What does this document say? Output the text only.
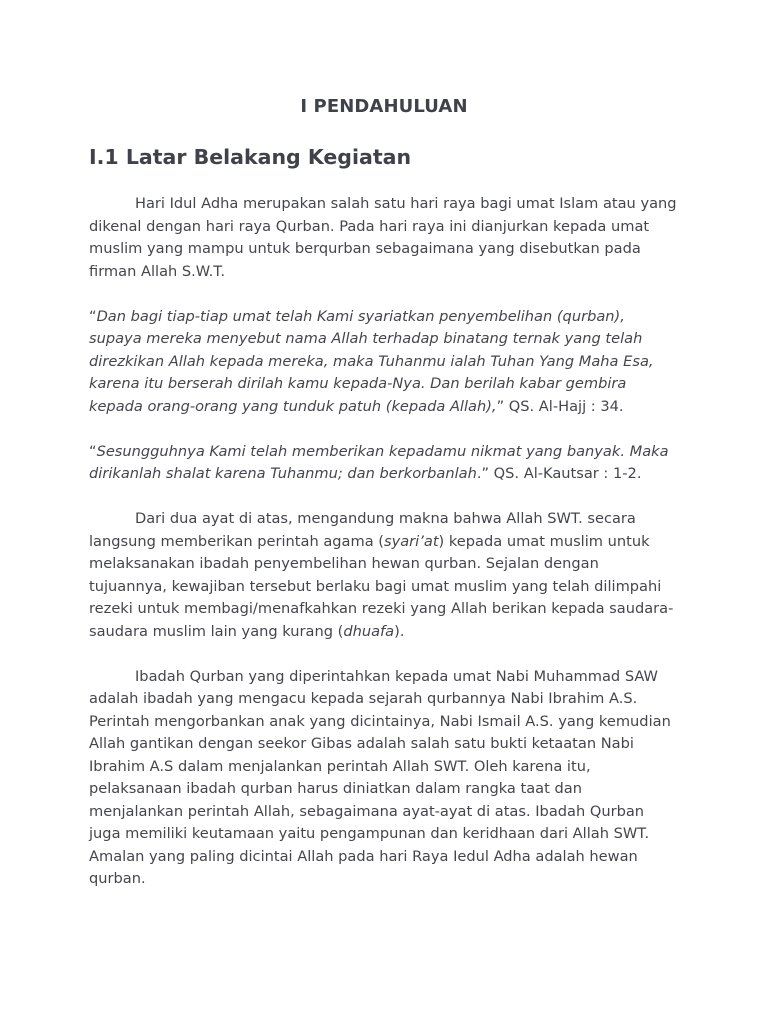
I PENDAHULUAN
I.1 Latar Belakang Kegiatan

Hari Idul Adha merupakan salah satu hari raya bagi umat Islam atau yang dikenal dengan hari raya Qurban. Pada hari raya ini dianjurkan kepada umat muslim yang mampu untuk berqurban sebagaimana yang disebutkan pada firman Allah S.W.T.

“Dan bagi tiap-tiap umat telah Kami syariatkan penyembelihan (qurban), supaya mereka menyebut nama Allah terhadap binatang ternak yang telah direzkikan Allah kepada mereka, maka Tuhanmu ialah Tuhan Yang Maha Esa, karena itu berserah dirilah kamu kepada-Nya. Dan berilah kabar gembira kepada orang-orang yang tunduk patuh (kepada Allah),” QS. Al-Hajj : 34.

“Sesungguhnya Kami telah memberikan kepadamu nikmat yang banyak. Maka dirikanlah shalat karena Tuhanmu; dan berkorbanlah.” QS. Al-Kautsar : 1-2.

Dari dua ayat di atas, mengandung makna bahwa Allah SWT. secara langsung memberikan perintah agama (syari’at) kepada umat muslim untuk melaksanakan ibadah penyembelihan hewan qurban. Sejalan dengan tujuannya, kewajiban tersebut berlaku bagi umat muslim yang telah dilimpahi rezeki untuk membagi/menafkahkan rezeki yang Allah berikan kepada saudara-saudara muslim lain yang kurang (dhuafa).

Ibadah Qurban yang diperintahkan kepada umat Nabi Muhammad SAW adalah ibadah yang mengacu kepada sejarah qurbannya Nabi Ibrahim A.S. Perintah mengorbankan anak yang dicintainya, Nabi Ismail A.S. yang kemudian Allah gantikan dengan seekor Gibas adalah salah satu bukti ketaatan Nabi Ibrahim A.S dalam menjalankan perintah Allah SWT. Oleh karena itu, pelaksanaan ibadah qurban harus diniatkan dalam rangka taat dan menjalankan perintah Allah, sebagaimana ayat-ayat di atas. Ibadah Qurban juga memiliki keutamaan yaitu pengampunan dan keridhaan dari Allah SWT. Amalan yang paling dicintai Allah pada hari Raya Iedul Adha adalah hewan qurban.
